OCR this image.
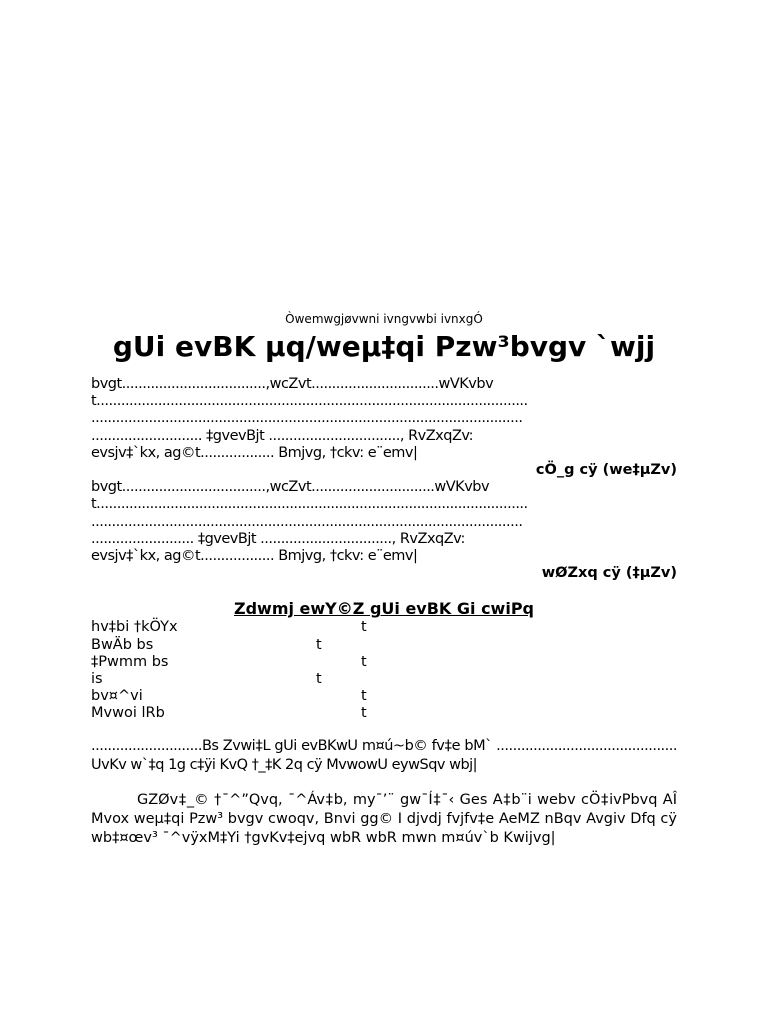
Òwemwgjøvwni ivngvwbi ivnxgÓ

gUi evBK µq/weµ‡qi Pzw³bvgv `wjj

bvgt...................................,wcZvt...............................wVKvbv

t.........................................................................................................

.........................................................................................................

........................... ‡gvevBjt ................................, RvZxqZv:

evsjv‡`kx, ag©t.................. Bmjvg, †ckv: e¨emv|

cÖ_g cÿ (we‡µZv)

bvgt...................................,wcZvt..............................wVKvbv

t.........................................................................................................

.........................................................................................................

......................... ‡gvevBjt ................................, RvZxqZv:

evsjv‡`kx, ag©t.................. Bmjvg, †ckv: e¨emv|

wØZxq cÿ (‡µZv)

Zdwmj ewY©Z gUi evBK Gi cwiPq
hv‡bi †kÖYx	t
BwÄb bs	t
‡Pwmm bs	t
is	t
bv¤^vi	t
Mvwoi lRb	t

...........................Bs Zvwi‡L gUi evBKwU m¤ú~b© fv‡e bM` ............................................ UvKv w`‡q 1g c‡ÿi KvQ †_‡K 2q cÿ MvwowU eywSqv wbj|

GZØv‡_© †¯^”Qvq, ¯^Áv‡b, my¯’¨ gw¯Í‡¯‹ Ges A‡b¨i webv cÖ‡ivPbvq AÎ Mvox weµ‡qi Pzw³ bvgv cwoqv, Bnvi gg© I djvdj fvjfv‡e AeMZ nBqv Avgiv Dfq cÿ wb‡¤œv³ ¯^vÿxM‡Yi †gvKv‡ejvq wbR wbR mwn m¤úv`b Kwijvg|
